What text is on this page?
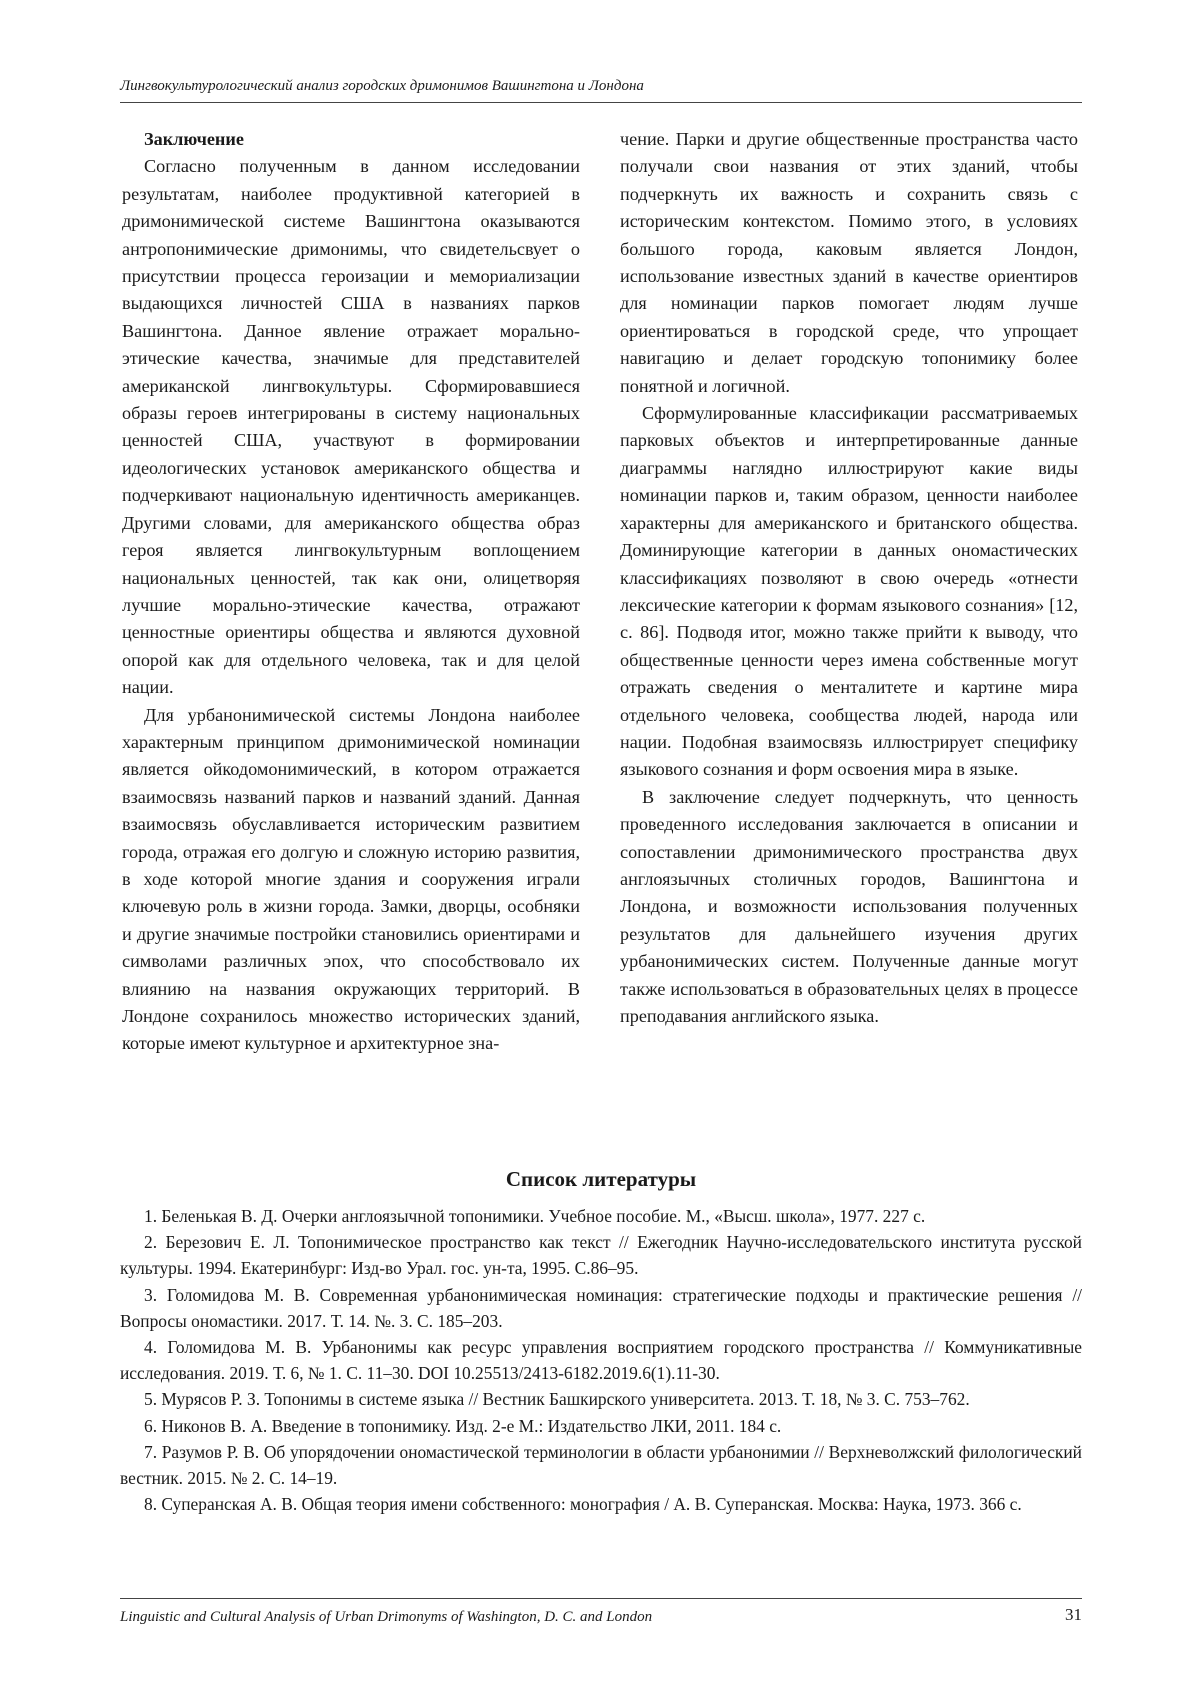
Лингвокультурологический анализ городских дримонимов Вашингтона и Лондона
Заключение

Согласно полученным в данном исследовании результатам, наиболее продуктивной категорией в дримонимической системе Вашингтона оказываются антропонимические дримонимы, что свидетельсвует о присутствии процесса героизации и мемориализации выдающихся личностей США в названиях парков Вашингтона. Данное явление отражает морально-этические качества, значимые для представителей американской лингвокультуры. Сформировавшиеся образы героев интегрированы в систему национальных ценностей США, участвуют в формировании идеологических установок американского общества и подчеркивают национальную идентичность американцев. Другими словами, для американского общества образ героя является лингвокультурным воплощением национальных ценностей, так как они, олицетворяя лучшие морально-этические качества, отражают ценностные ориентиры общества и являются духовной опорой как для отдельного человека, так и для целой нации.

Для урбанонимической системы Лондона наиболее характерным принципом дримонимической номинации является ойкодомонимический, в котором отражается взаимосвязь названий парков и названий зданий. Данная взаимосвязь обуславливается историческим развитием города, отражая его долгую и сложную историю развития, в ходе которой многие здания и сооружения играли ключевую роль в жизни города. Замки, дворцы, особняки и другие значимые постройки становились ориентирами и символами различных эпох, что способствовало их влиянию на названия окружающих территорий. В Лондоне сохранилось множество исторических зданий, которые имеют культурное и архитектурное зна-

чение. Парки и другие общественные пространства часто получали свои названия от этих зданий, чтобы подчеркнуть их важность и сохранить связь с историческим контекстом. Помимо этого, в условиях большого города, каковым является Лондон, использование известных зданий в качестве ориентиров для номинации парков помогает людям лучше ориентироваться в городской среде, что упрощает навигацию и делает городскую топонимику более понятной и логичной.

Сформулированные классификации рассматриваемых парковых объектов и интерпретированные данные диаграммы наглядно иллюстрируют какие виды номинации парков и, таким образом, ценности наиболее характерны для американского и британского общества. Доминирующие категории в данных ономастических классификациях позволяют в свою очередь «отнести лексические категории к формам языкового сознания» [12, с. 86]. Подводя итог, можно также прийти к выводу, что общественные ценности через имена собственные могут отражать сведения о менталитете и картине мира отдельного человека, сообщества людей, народа или нации. Подобная взаимосвязь иллюстрирует специфику языкового сознания и форм освоения мира в языке.

В заключение следует подчеркнуть, что ценность проведенного исследования заключается в описании и сопоставлении дримонимического пространства двух англоязычных столичных городов, Вашингтона и Лондона, и возможности использования полученных результатов для дальнейшего изучения других урбанонимических систем. Полученные данные могут также использоваться в образовательных целях в процессе преподавания английского языка.

Список литературы

1. Беленькая В. Д. Очерки англоязычной топонимики. Учебное пособие. М., «Высш. школа», 1977. 227 с.

2. Березович Е. Л. Топонимическое пространство как текст // Ежегодник Научно-исследовательского института русской культуры. 1994. Екатеринбург: Изд-во Урал. гос. ун-та, 1995. С.86–95.

3. Голомидова М. В. Современная урбанонимическая номинация: стратегические подходы и практические решения // Вопросы ономастики. 2017. Т. 14. №. 3. С. 185–203.

4. Голомидова М. В. Урбанонимы как ресурс управления восприятием городского пространства // Коммуникативные исследования. 2019. Т. 6, № 1. С. 11–30. DOI 10.25513/2413-6182.2019.6(1).11-30.

5. Мурясов Р. З. Топонимы в системе языка // Вестник Башкирского университета. 2013. Т. 18, № 3. С. 753–762.

6. Никонов В. А. Введение в топонимику. Изд. 2-е М.: Издательство ЛКИ, 2011. 184 с.

7. Разумов Р. В. Об упорядочении ономастической терминологии в области урбанонимии // Верхневолжский филологический вестник. 2015. № 2. С. 14–19.

8. Суперанская А. В. Общая теория имени собственного: монография / А. В. Суперанская. Москва: Наука, 1973. 366 с.

Linguistic and Cultural Analysis of Urban Drimonyms of Washington, D. C. and London	31
